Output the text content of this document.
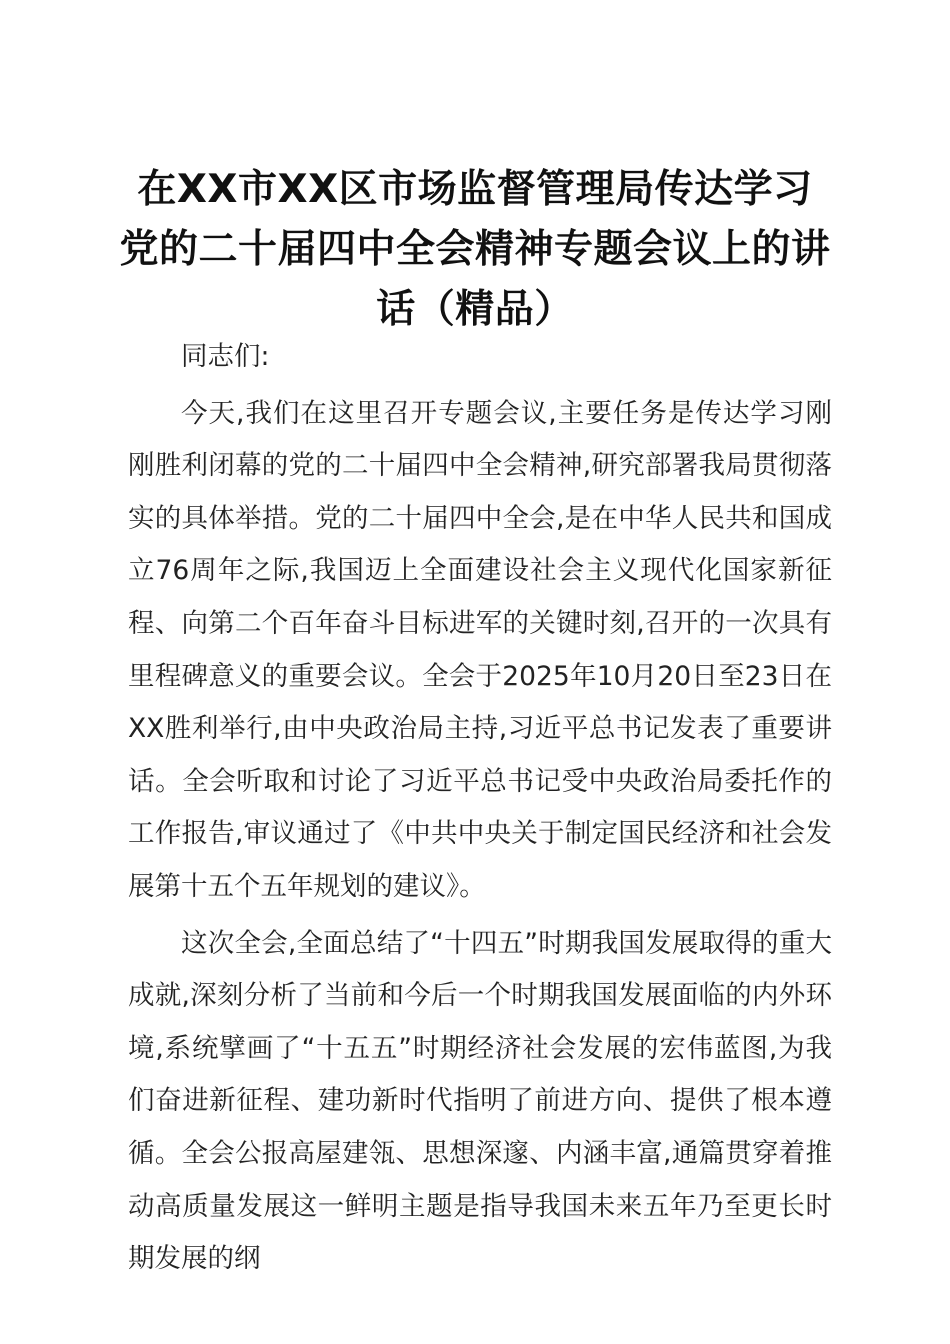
在XX市XX区市场监督管理局传达学习党的二十届四中全会精神专题会议上的讲话（精品）

同志们:

今天,我们在这里召开专题会议,主要任务是传达学习刚刚胜利闭幕的党的二十届四中全会精神,研究部署我局贯彻落实的具体举措。党的二十届四中全会,是在中华人民共和国成立76周年之际,我国迈上全面建设社会主义现代化国家新征程、向第二个百年奋斗目标进军的关键时刻,召开的一次具有里程碑意义的重要会议。全会于2025年10月20日至23日在XX胜利举行,由中央政治局主持,习近平总书记发表了重要讲话。全会听取和讨论了习近平总书记受中央政治局委托作的工作报告,审议通过了《中共中央关于制定国民经济和社会发展第十五个五年规划的建议》。

这次全会,全面总结了“十四五”时期我国发展取得的重大成就,深刻分析了当前和今后一个时期我国发展面临的内外环境,系统擘画了“十五五”时期经济社会发展的宏伟蓝图,为我们奋进新征程、建功新时代指明了前进方向、提供了根本遵循。全会公报高屋建瓴、思想深邃、内涵丰富,通篇贯穿着推动高质量发展这一鲜明主题是指导我国未来五年乃至更长时期发展的纲
